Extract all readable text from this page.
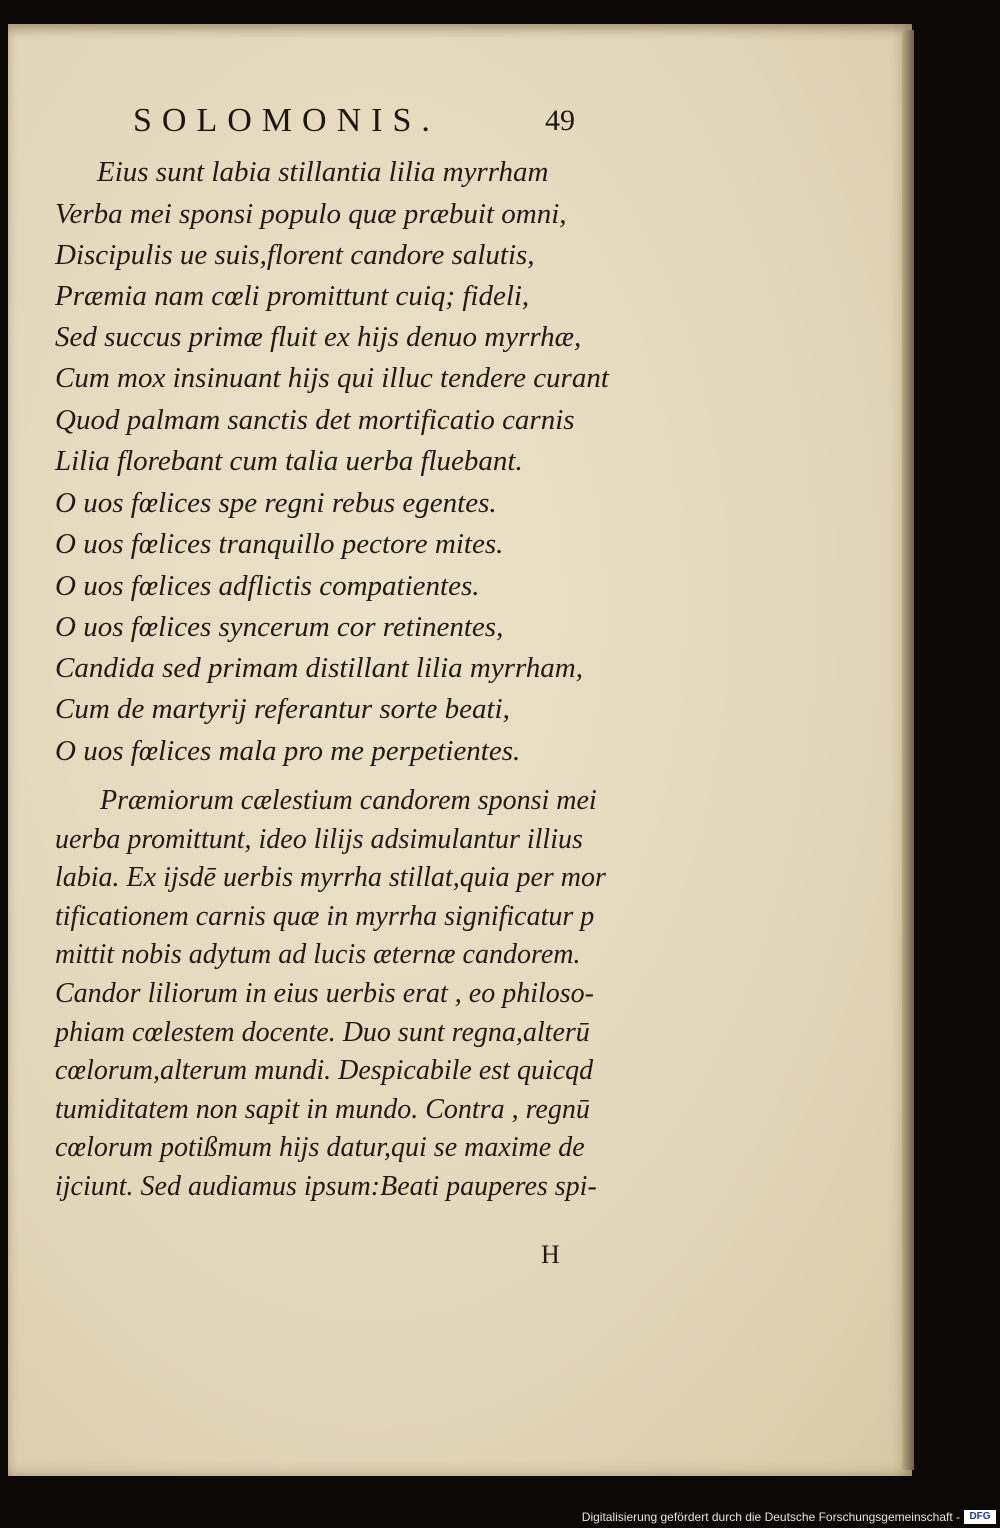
SOLOMONIS.	49
Eius sunt labia stillantia lilia myrrham
Verba mei sponsi populo quæ præbuit omni,
Discipulis ue suis,florent candore salutis,
Præmia nam cœli promittunt cuiq; fideli,
Sed succus primæ fluit ex hijs denuo myrrhæ,
Cum mox insinuant hijs qui illuc tendere curant
Quod palmam sanctis det mortificatio carnis
Lilia florebant cum talia uerba fluebant.
O uos fœlices spe regni rebus egentes.
O uos fœlices tranquillo pectore mites.
O uos fœlices adflictis compatientes.
O uos fœlices syncerum cor retinentes,
Candida sed primam distillant lilia myrrham,
Cum de martyrij referantur sorte beati,
O uos fœlices mala pro me perpetientes.
Præmiorum cælestium candorem sponsi mei
uerba promittunt, ideo lilijs adsimulantur illius
labia. Ex ijsdē uerbis myrrha stillat,quia per mor
tificationem carnis quæ in myrrha significatur p
mittit nobis adytum ad lucis æternæ candorem.
Candor liliorum in eius uerbis erat , eo philoso-
phiam cœlestem docente. Duo sunt regna,alterū
cœlorum,alterum mundi. Despicabile est quicqd
tumiditatem non sapit in mundo. Contra , regnū
cœlorum potißmum hijs datur,qui se maxime de
ijciunt. Sed audiamus ipsum:Beati pauperes spi-
H
Digitalisierung gefördert durch die Deutsche Forschungsgemeinschaft - DFG
